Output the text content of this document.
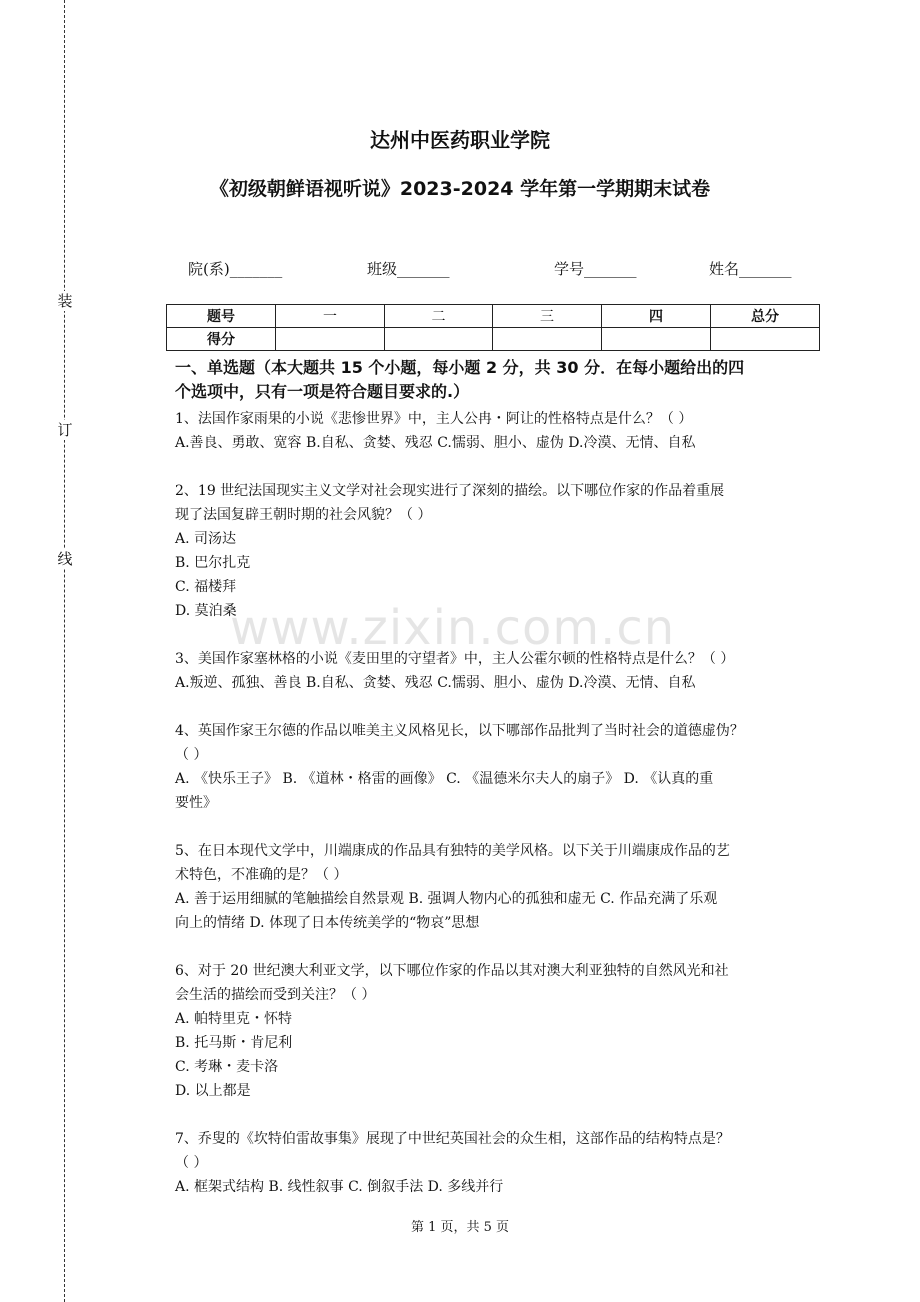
装
订
线
达州中医药职业学院
《初级朝鲜语视听说》2023-2024 学年第一学期期末试卷
院(系)_______	班级_______	学号_______	姓名_______
题号	一	二	三	四	总分
得分					
一、单选题（本大题共 15 个小题，每小题 2 分，共 30 分．在每小题给出的四
个选项中，只有一项是符合题目要求的.）
1、法国作家雨果的小说《悲惨世界》中，主人公冉・阿让的性格特点是什么？（ ）
A.善良、勇敢、宽容 B.自私、贪婪、残忍 C.懦弱、胆小、虚伪 D.冷漠、无情、自私
2、19 世纪法国现实主义文学对社会现实进行了深刻的描绘。以下哪位作家的作品着重展
现了法国复辟王朝时期的社会风貌？（ ）
A. 司汤达
B. 巴尔扎克
C. 福楼拜
D. 莫泊桑
3、美国作家塞林格的小说《麦田里的守望者》中，主人公霍尔顿的性格特点是什么？（ ）
A.叛逆、孤独、善良 B.自私、贪婪、残忍 C.懦弱、胆小、虚伪 D.冷漠、无情、自私
4、英国作家王尔德的作品以唯美主义风格见长，以下哪部作品批判了当时社会的道德虚伪？
（ ）
A. 《快乐王子》 B. 《道林・格雷的画像》 C. 《温德米尔夫人的扇子》 D. 《认真的重
要性》
5、在日本现代文学中，川端康成的作品具有独特的美学风格。以下关于川端康成作品的艺
术特色，不准确的是？（ ）
A. 善于运用细腻的笔触描绘自然景观 B. 强调人物内心的孤独和虚无 C. 作品充满了乐观
向上的情绪 D. 体现了日本传统美学的“物哀”思想
6、对于 20 世纪澳大利亚文学，以下哪位作家的作品以其对澳大利亚独特的自然风光和社
会生活的描绘而受到关注？（ ）
A. 帕特里克・怀特
B. 托马斯・肯尼利
C. 考琳・麦卡洛
D. 以上都是
7、乔叟的《坎特伯雷故事集》展现了中世纪英国社会的众生相，这部作品的结构特点是？
（ ）
A. 框架式结构 B. 线性叙事 C. 倒叙手法 D. 多线并行
www.zixin.com.cn
第 1 页，共 5 页
